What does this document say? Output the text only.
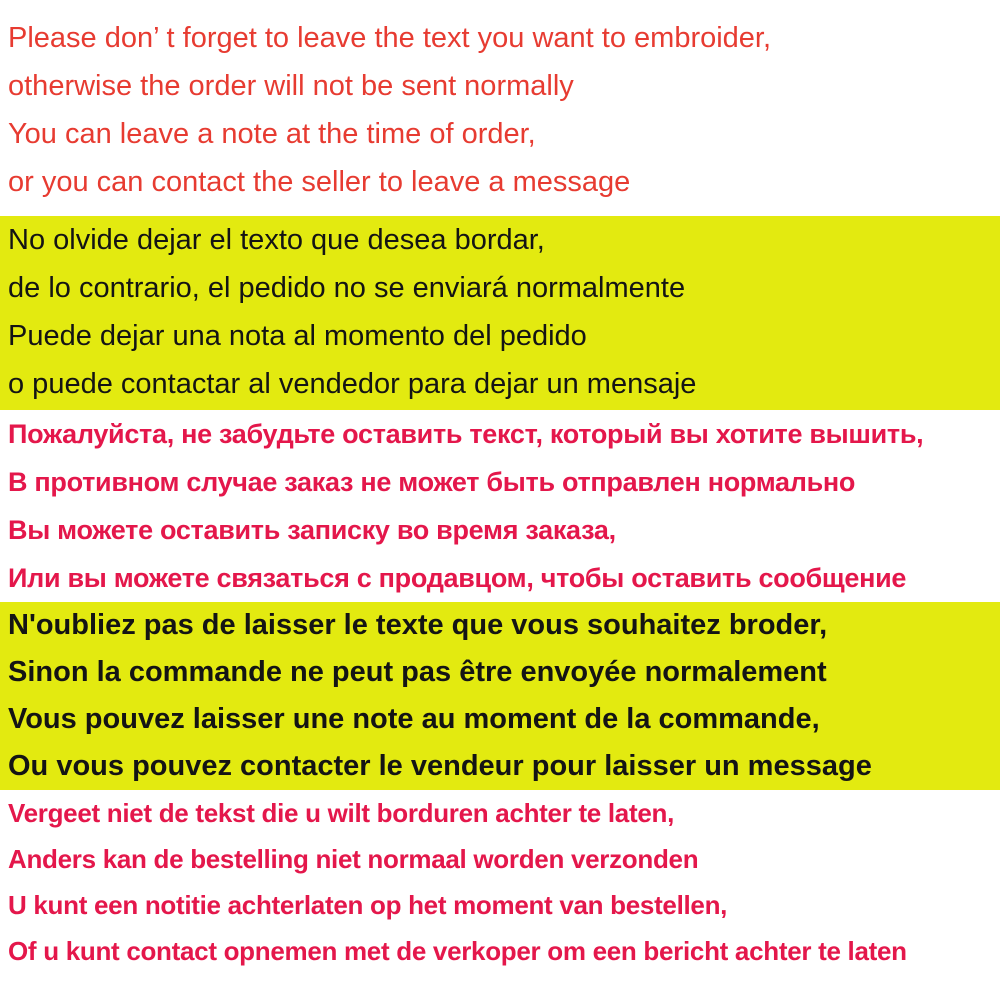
Please don’ t forget to leave the text you want to embroider,
otherwise the order will not be sent normally
You can leave a note at the time of order,
or you can contact the seller to leave a message
No olvide dejar el texto que desea bordar,
de lo contrario, el pedido no se enviará normalmente
Puede dejar una nota al momento del pedido
o puede contactar al vendedor para dejar un mensaje
Пожалуйста, не забудьте оставить текст, который вы хотите вышить,
В противном случае заказ не может быть отправлен нормально
Вы можете оставить записку во время заказа,
Или вы можете связаться с продавцом, чтобы оставить сообщение
N'oubliez pas de laisser le texte que vous souhaitez broder,
Sinon la commande ne peut pas être envoyée normalement
Vous pouvez laisser une note au moment de la commande,
Ou vous pouvez contacter le vendeur pour laisser un message
Vergeet niet de tekst die u wilt borduren achter te laten,
Anders kan de bestelling niet normaal worden verzonden
U kunt een notitie achterlaten op het moment van bestellen,
Of u kunt contact opnemen met de verkoper om een bericht achter te laten
